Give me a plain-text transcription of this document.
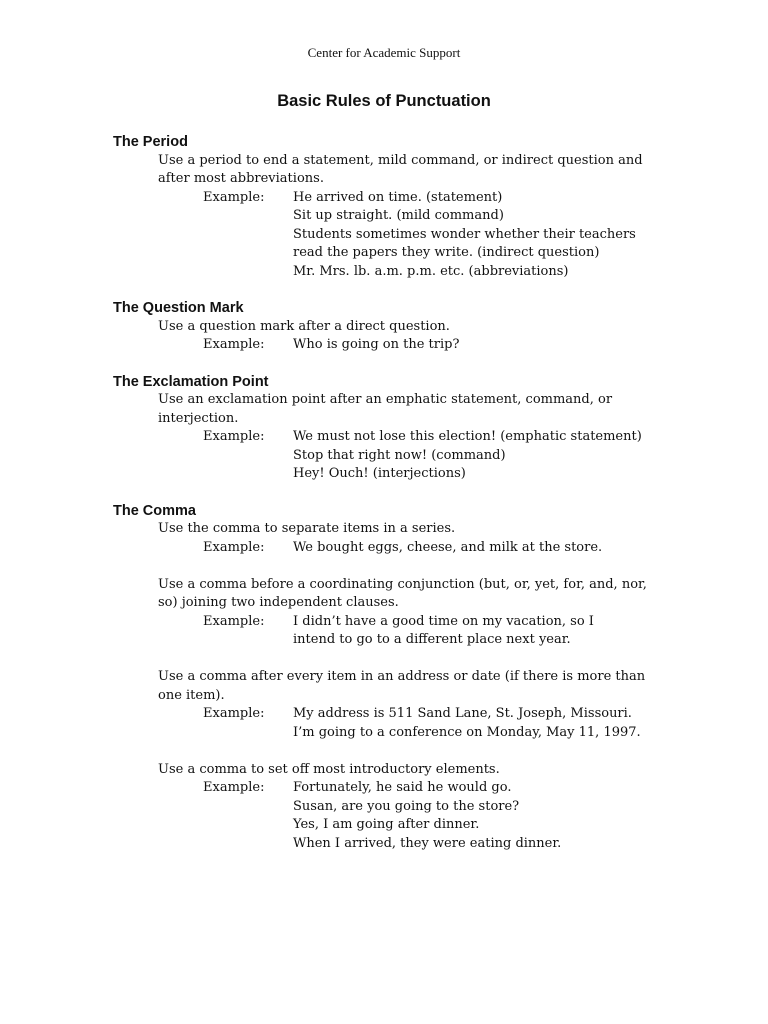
Center for Academic Support
Basic Rules of Punctuation
The Period
Use a period to end a statement, mild command, or indirect question and after most abbreviations.
Example:	He arrived on time. (statement)
Sit up straight. (mild command)
Students sometimes wonder whether their teachers
read the papers they write. (indirect question)
Mr. Mrs. lb. a.m. p.m. etc. (abbreviations)
The Question Mark
Use a question mark after a direct question.
Example:	Who is going on the trip?
The Exclamation Point
Use an exclamation point after an emphatic statement, command, or interjection.
Example:	We must not lose this election! (emphatic statement)
Stop that right now! (command)
Hey! Ouch! (interjections)
The Comma
Use the comma to separate items in a series.
Example:	We bought eggs, cheese, and milk at the store.
Use a comma before a coordinating conjunction (but, or, yet, for, and, nor, so) joining two independent clauses.
Example:	I didn’t have a good time on my vacation, so I
intend to go to a different place next year.
Use a comma after every item in an address or date (if there is more than one item).
Example:	My address is 511 Sand Lane, St. Joseph, Missouri.
I’m going to a conference on Monday, May 11, 1997.
Use a comma to set off most introductory elements.
Example:	Fortunately, he said he would go.
Susan, are you going to the store?
Yes, I am going after dinner.
When I arrived, they were eating dinner.
